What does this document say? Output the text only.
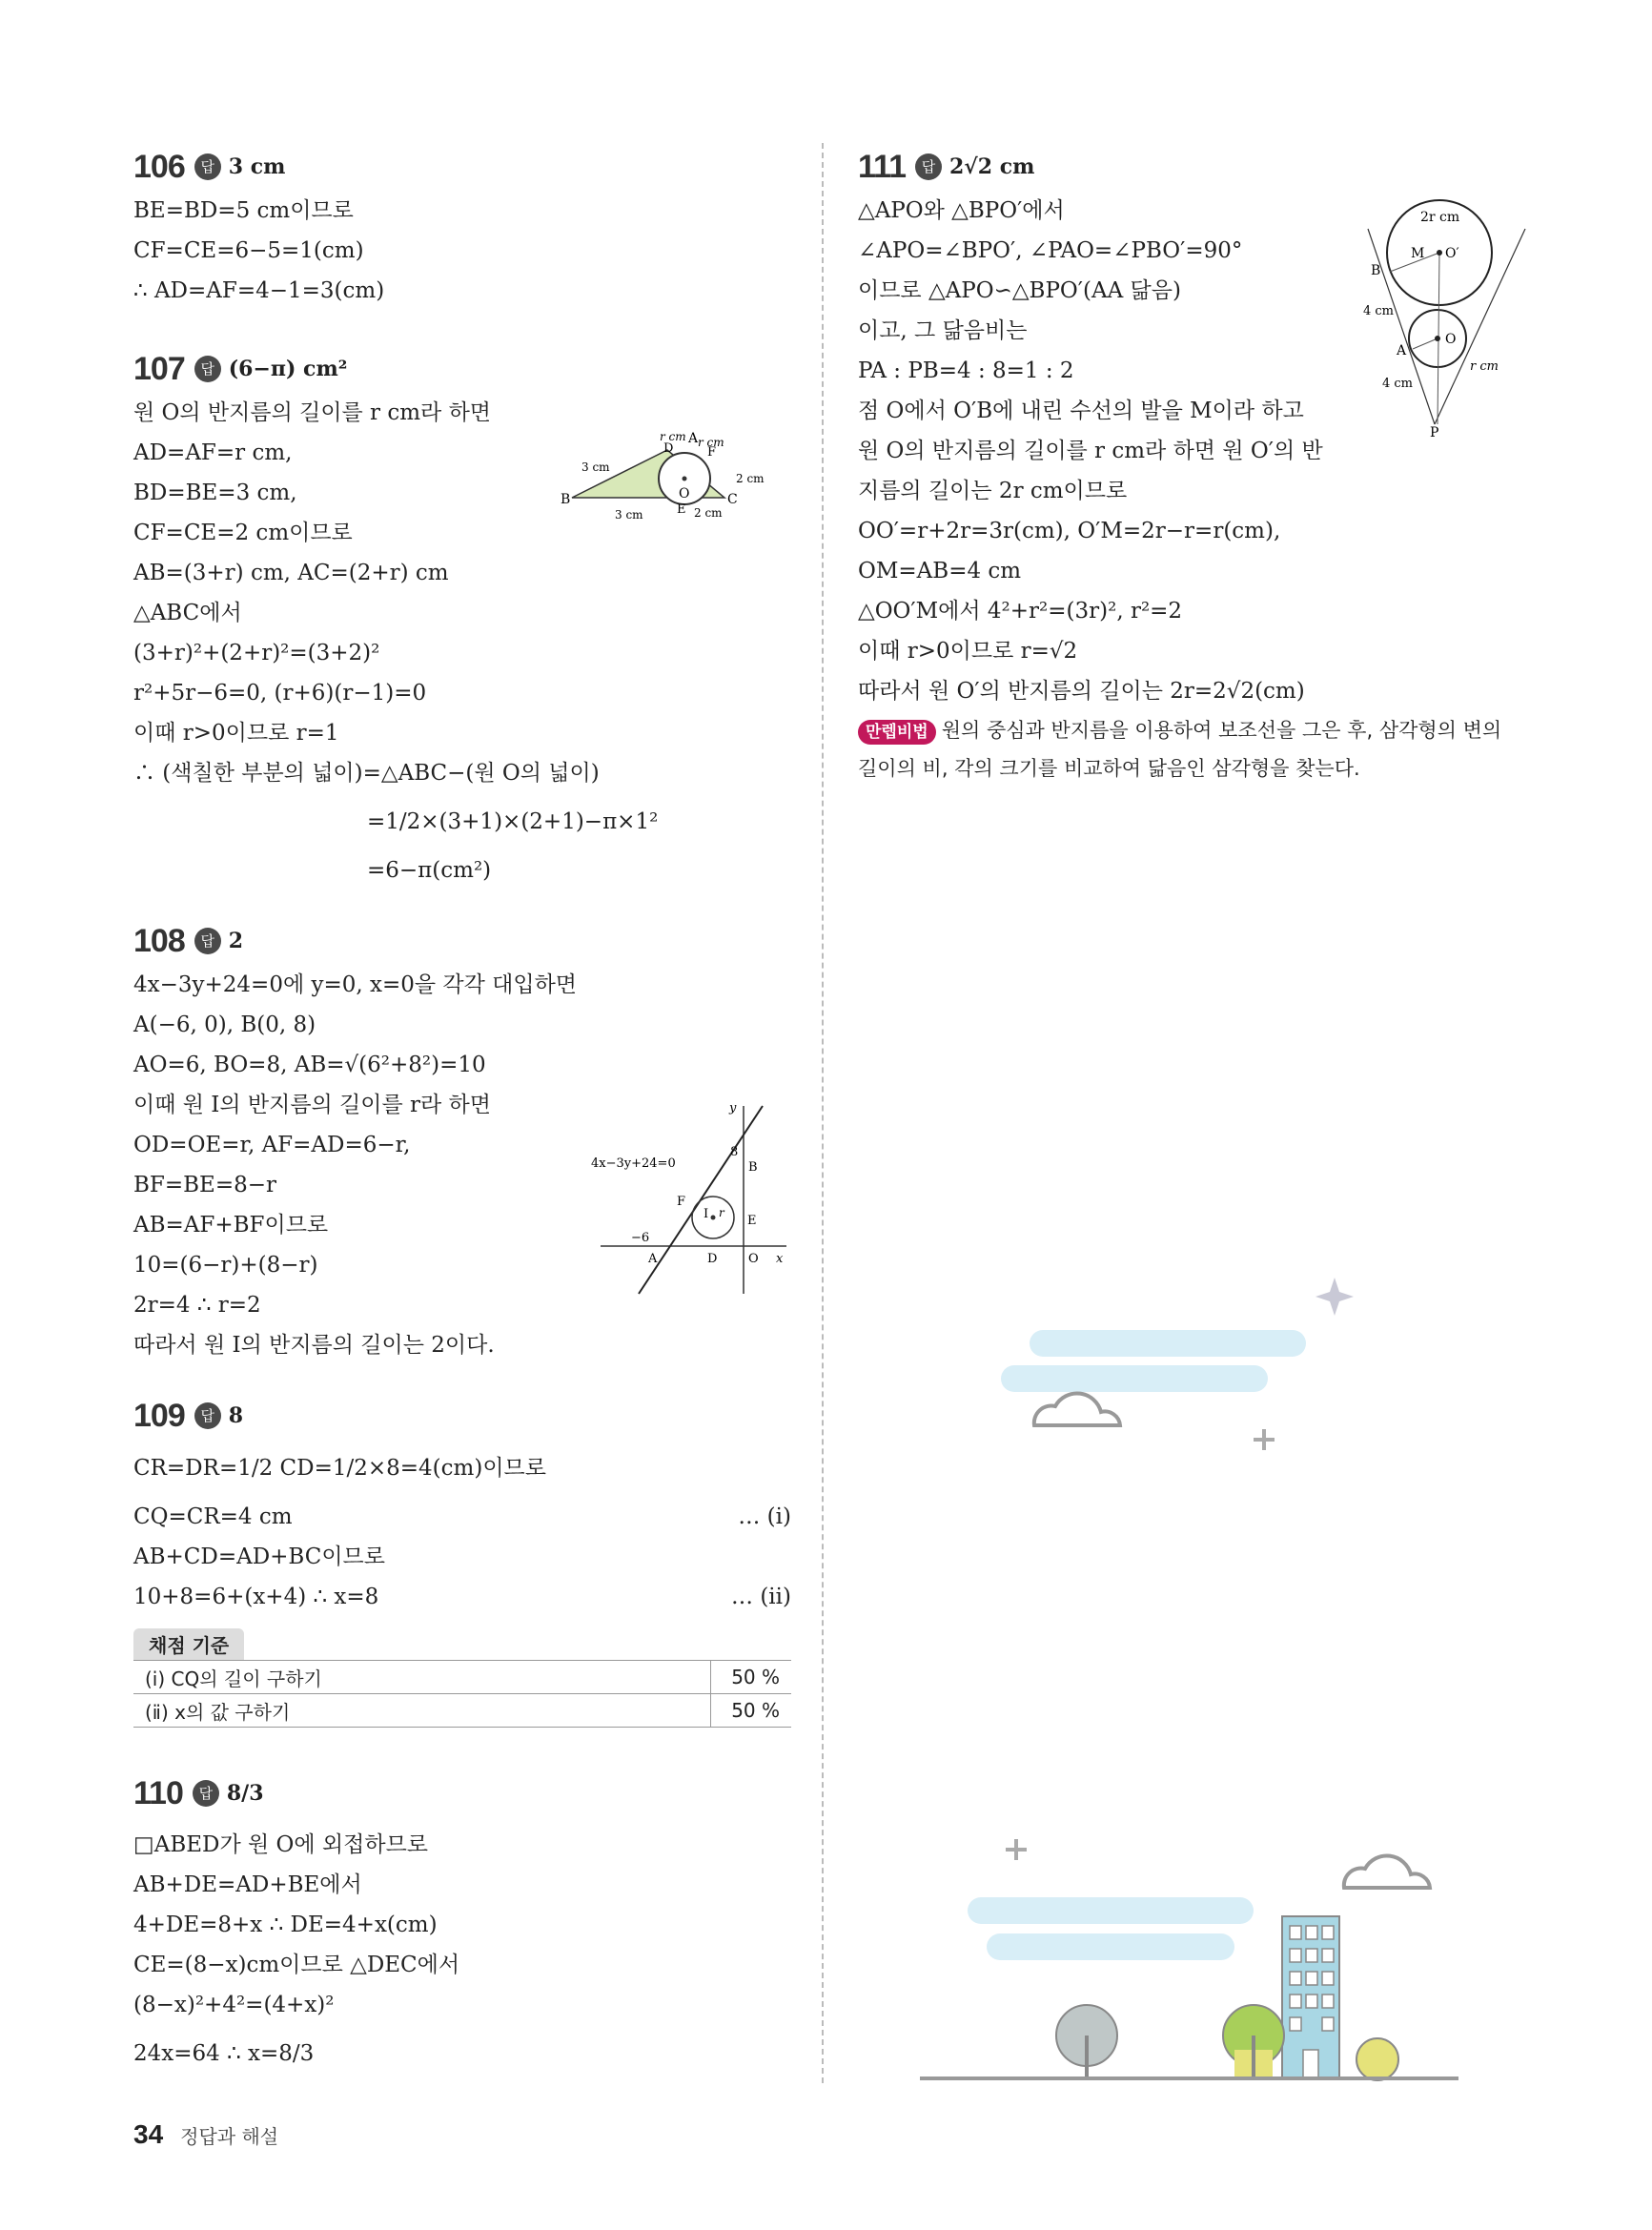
106	답 3 cm
BE=BD=5 cm이므로
CF=CE=6−5=1(cm)
∴ AD=AF=4−1=3(cm)
107	답 (6−π) cm²
원 O의 반지름의 길이를 r cm라 하면
AD=AF=r cm,
BD=BE=3 cm,
CF=CE=2 cm이므로
AB=(3+r) cm, AC=(2+r) cm
△ABC에서
(3+r)²+(2+r)²=(3+2)²
r²+5r−6=0, (r+6)(r−1)=0
이때 r>0이므로 r=1
∴ (색칠한 부분의 넓이)=△ABC−(원 O의 넓이)
=1/2×(3+1)×(2+1)−π×1²
=6−π(cm²)
O
B	C
A
D	F
E
r cm r cm
3 cm
3 cm
2 cm
2 cm
108	답 2
4x−3y+24=0에 y=0, x=0을 각각 대입하면
A(−6, 0), B(0, 8)
AO=6, BO=8, AB=√(6²+8²)=10
이때 원 I의 반지름의 길이를 r라 하면
OD=OE=r, AF=AD=6−r,
BF=BE=8−r
AB=AF+BF이므로
10=(6−r)+(8−r)
2r=4 ∴ r=2
따라서 원 I의 반지름의 길이는 2이다.
y
x
4x−3y+24=0
8
B
F
I r
E
−6
A	D	O
109	답 8
CR=DR=1/2 CD=1/2×8=4(cm)이므로
CQ=CR=4 cm	… (ⅰ)
AB+CD=AD+BC이므로
10+8=6+(x+4) ∴ x=8	… (ⅱ)
채점 기준
(ⅰ) CQ의 길이 구하기	50 %
(ⅱ) x의 값 구하기	50 %
110	답 8/3
□ABED가 원 O에 외접하므로
AB+DE=AD+BE에서
4+DE=8+x ∴ DE=4+x(cm)
CE=(8−x)cm이므로 △DEC에서
(8−x)²+4²=(4+x)²
24x=64 ∴ x=8/3
111	답 2√2 cm
△APO와 △BPO′에서
∠APO=∠BPO′, ∠PAO=∠PBO′=90°
이므로 △APO∽△BPO′(AA 닮음)
이고, 그 닮음비는
PA : PB=4 : 8=1 : 2
점 O에서 O′B에 내린 수선의 발을 M이라 하고
원 O의 반지름의 길이를 r cm라 하면 원 O′의 반
지름의 길이는 2r cm이므로
OO′=r+2r=3r(cm), O′M=2r−r=r(cm),
OM=AB=4 cm
△OO′M에서 4²+r²=(3r)², r²=2
이때 r>0이므로 r=√2
따라서 원 O′의 반지름의 길이는 2r=2√2(cm)
만렙비법 원의 중심과 반지름을 이용하여 보조선을 그은 후, 삼각형의 변의
길이의 비, 각의 크기를 비교하여 닮음인 삼각형을 찾는다.
2r cm
B
M O′
4 cm
A
O
4 cm
r cm
P
34 정답과 해설
